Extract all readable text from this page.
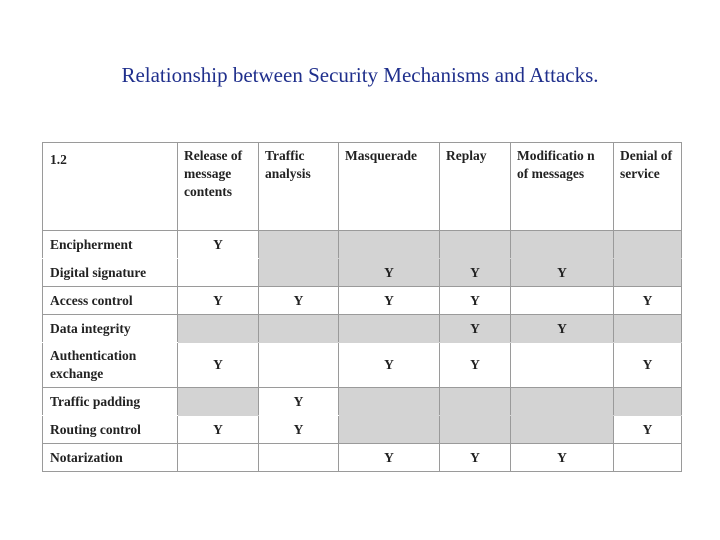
Relationship between Security Mechanisms and Attacks.
1.2	Release of message contents	Traffic analysis	Masquerade	Replay	Modificatio n of messages	Denial of service
Encipherment	Y					
Digital signature			Y	Y	Y	
Access control	Y	Y	Y	Y		Y
Data integrity				Y	Y	
Authentication exchange	Y		Y	Y		Y
Traffic padding		Y				
Routing control	Y	Y				Y
Notarization			Y	Y	Y	
